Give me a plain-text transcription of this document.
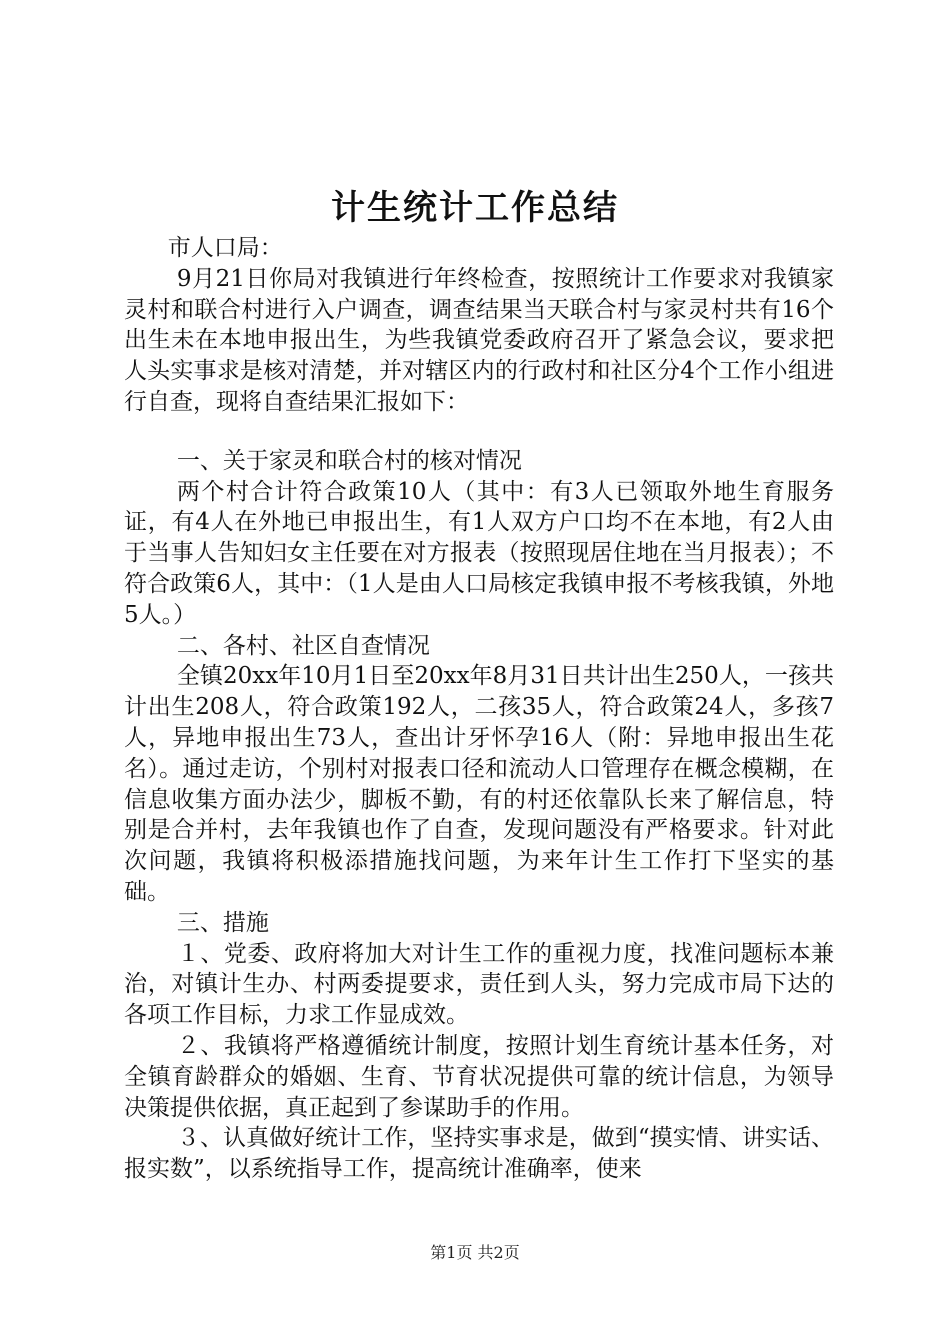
计生统计工作总结

市人口局：

9月21日你局对我镇进行年终检查，按照统计工作要求对我镇家灵村和联合村进行入户调查，调查结果当天联合村与家灵村共有16个出生未在本地申报出生，为些我镇党委政府召开了紧急会议，要求把人头实事求是核对清楚，并对辖区内的行政村和社区分4个工作小组进行自查，现将自查结果汇报如下：

一、关于家灵和联合村的核对情况

两个村合计符合政策10人（其中：有3人已领取外地生育服务证，有4人在外地已申报出生，有1人双方户口均不在本地，有2人由于当事人告知妇女主任要在对方报表（按照现居住地在当月报表）；不符合政策6人，其中：（1人是由人口局核定我镇申报不考核我镇，外地5人。）

二、各村、社区自查情况

全镇20xx年10月1日至20xx年8月31日共计出生250人，一孩共计出生208人，符合政策192人，二孩35人，符合政策24人，多孩7人，异地申报出生73人，查出计牙怀孕16人（附：异地申报出生花名）。通过走访，个别村对报表口径和流动人口管理存在概念模糊，在信息收集方面办法少，脚板不勤，有的村还依靠队长来了解信息，特别是合并村，去年我镇也作了自查，发现问题没有严格要求。针对此次问题，我镇将积极添措施找问题，为来年计生工作打下坚实的基础。

三、措施

１、党委、政府将加大对计生工作的重视力度，找准问题标本兼治，对镇计生办、村两委提要求，责任到人头，努力完成市局下达的各项工作目标，力求工作显成效。

２、我镇将严格遵循统计制度，按照计划生育统计基本任务，对全镇育龄群众的婚姻、生育、节育状况提供可靠的统计信息，为领导决策提供依据，真正起到了参谋助手的作用。

３、认真做好统计工作，坚持实事求是，做到“摸实情、讲实话、报实数”，以系统指导工作，提高统计准确率，使来

第1页 共2页
